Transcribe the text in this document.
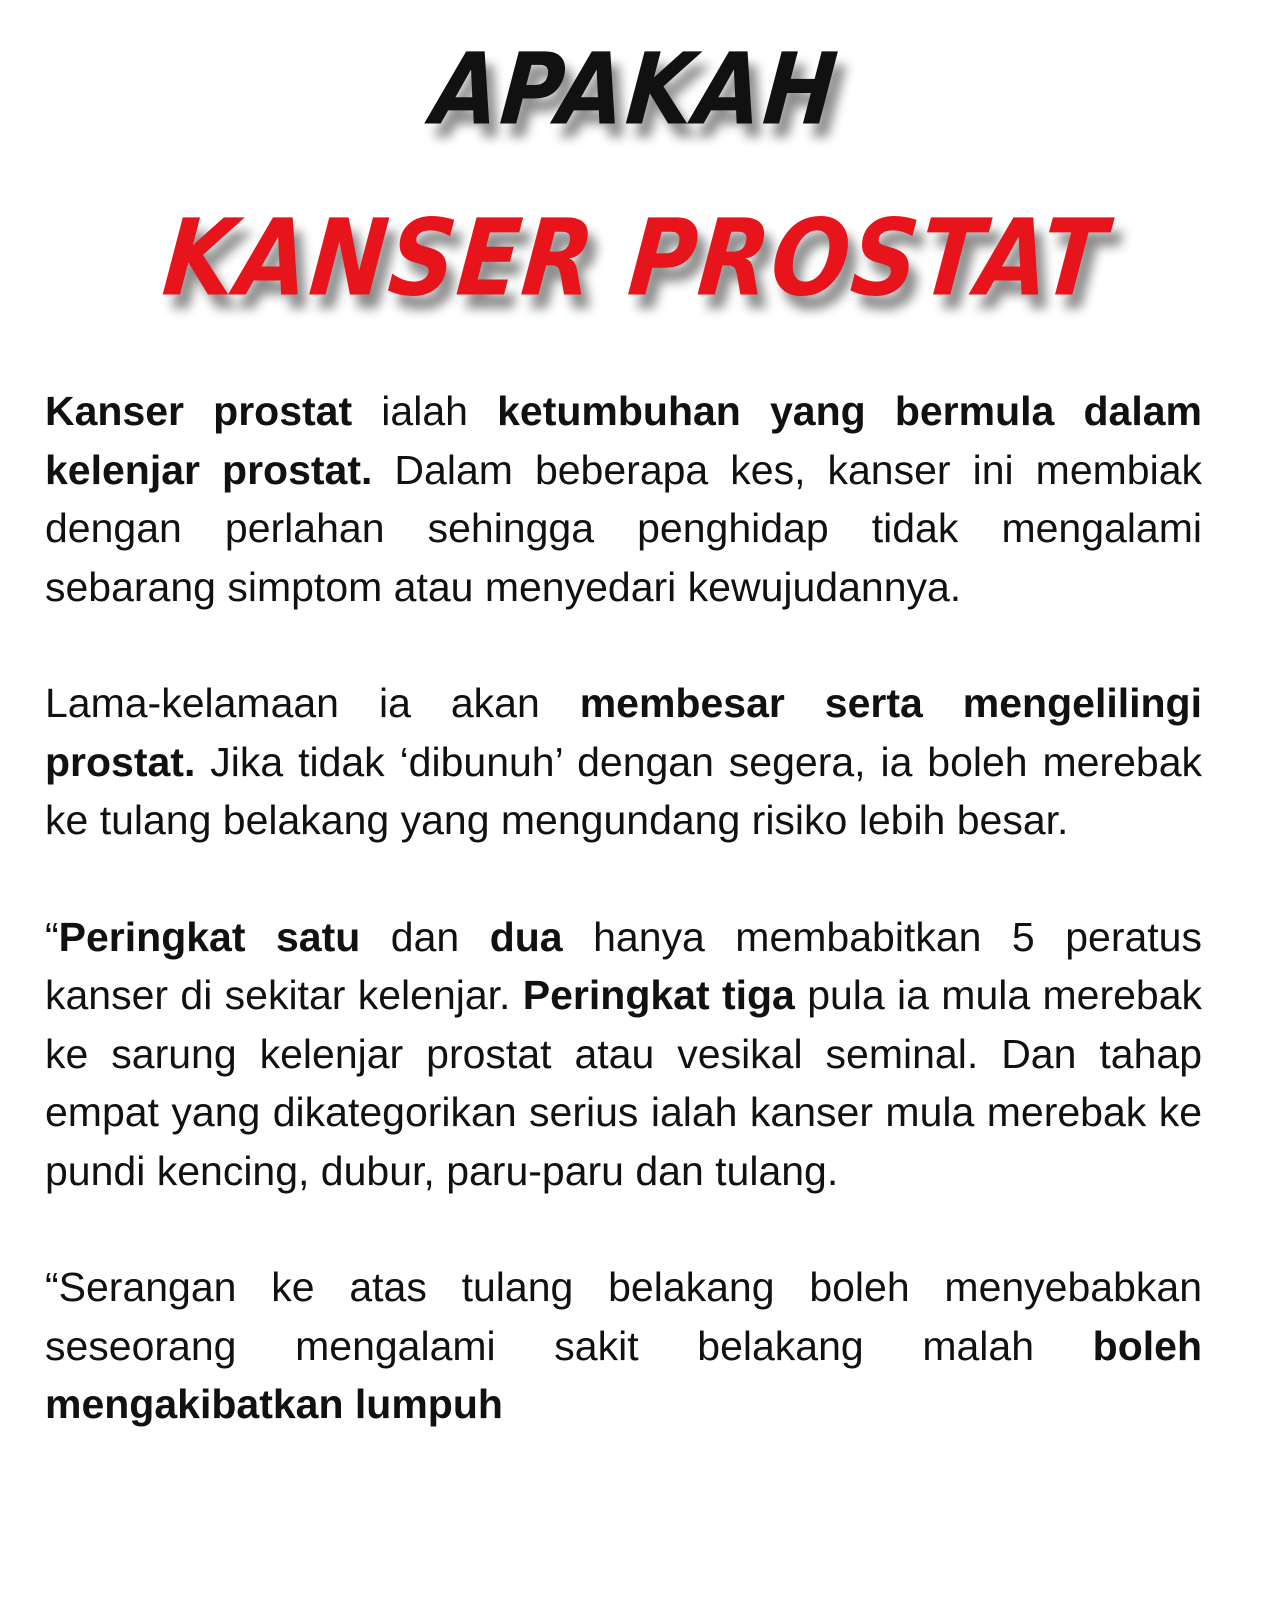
APAKAH
KANSER PROSTAT

Kanser prostat ialah ketumbuhan yang bermula dalam kelenjar prostat. Dalam beberapa kes, kanser ini membiak dengan perlahan sehingga penghidap tidak mengalami sebarang simptom atau menyedari kewujudannya.

Lama-kelamaan ia akan membesar serta mengelilingi prostat. Jika tidak ‘dibunuh’ dengan segera, ia boleh merebak ke tulang belakang yang mengundang risiko lebih besar.

“Peringkat satu dan dua hanya membabitkan 5 peratus kanser di sekitar kelenjar. Peringkat tiga pula ia mula merebak ke sarung kelenjar prostat atau vesikal seminal. Dan tahap empat yang dikategorikan serius ialah kanser mula merebak ke pundi kencing, dubur, paru-paru dan tulang.

“Serangan ke atas tulang belakang boleh menyebabkan seseorang mengalami sakit belakang malah boleh mengakibatkan lumpuh
